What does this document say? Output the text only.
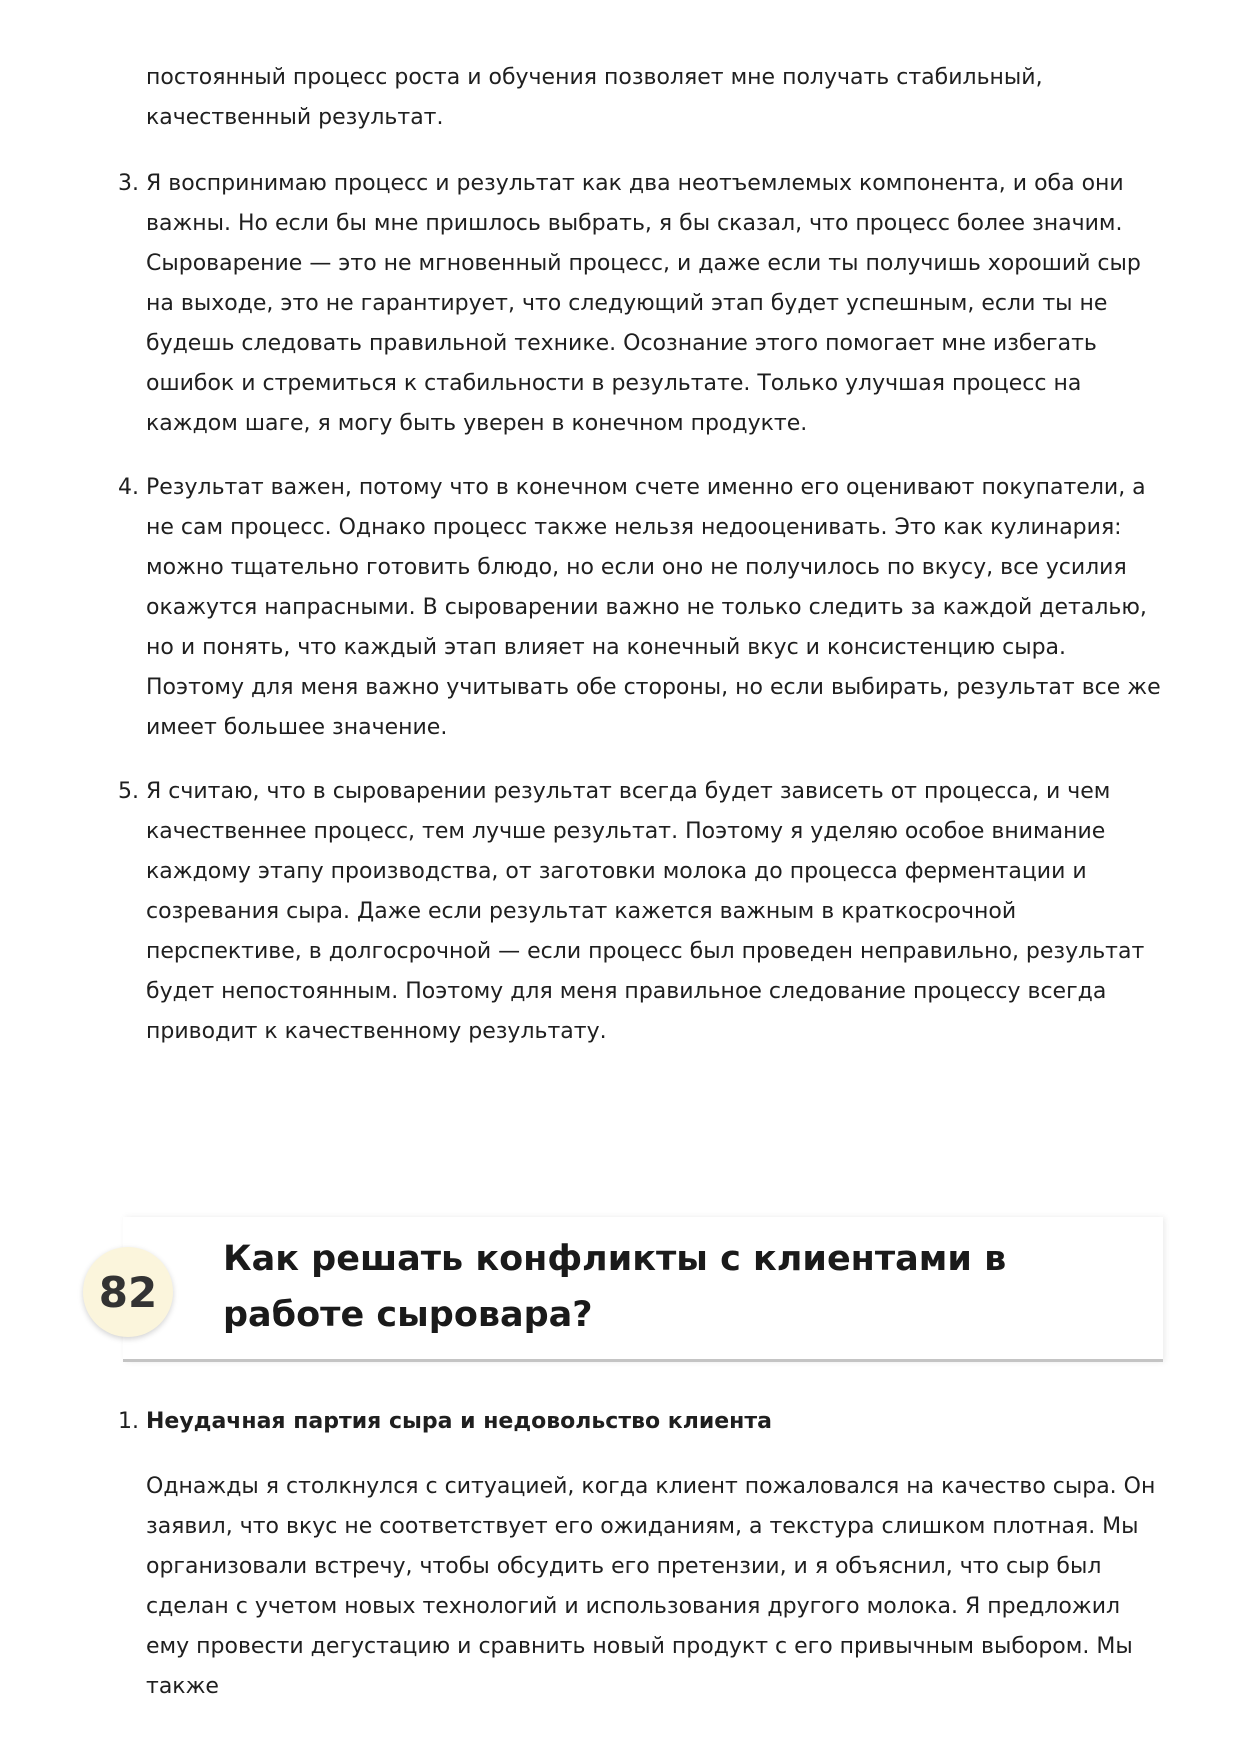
постоянный процесс роста и обучения позволяет мне получать стабильный, качественный результат.

3. Я воспринимаю процесс и результат как два неотъемлемых компонента, и оба они важны. Но если бы мне пришлось выбрать, я бы сказал, что процесс более значим. Сыроварение — это не мгновенный процесс, и даже если ты получишь хороший сыр на выходе, это не гарантирует, что следующий этап будет успешным, если ты не будешь следовать правильной технике. Осознание этого помогает мне избегать ошибок и стремиться к стабильности в результате. Только улучшая процесс на каждом шаге, я могу быть уверен в конечном продукте.
4. Результат важен, потому что в конечном счете именно его оценивают покупатели, а не сам процесс. Однако процесс также нельзя недооценивать. Это как кулинария: можно тщательно готовить блюдо, но если оно не получилось по вкусу, все усилия окажутся напрасными. В сыроварении важно не только следить за каждой деталью, но и понять, что каждый этап влияет на конечный вкус и консистенцию сыра. Поэтому для меня важно учитывать обе стороны, но если выбирать, результат все же имеет большее значение.
5. Я считаю, что в сыроварении результат всегда будет зависеть от процесса, и чем качественнее процесс, тем лучше результат. Поэтому я уделяю особое внимание каждому этапу производства, от заготовки молока до процесса ферментации и созревания сыра. Даже если результат кажется важным в краткосрочной перспективе, в долгосрочной — если процесс был проведен неправильно, результат будет непостоянным. Поэтому для меня правильное следование процессу всегда приводит к качественному результату.
82
Как решать конфликты с клиентами в работе сыровара?

1. Неудачная партия сыра и недовольство клиента

Однажды я столкнулся с ситуацией, когда клиент пожаловался на качество сыра. Он заявил, что вкус не соответствует его ожиданиям, а текстура слишком плотная. Мы организовали встречу, чтобы обсудить его претензии, и я объяснил, что сыр был сделан с учетом новых технологий и использования другого молока. Я предложил ему провести дегустацию и сравнить новый продукт с его привычным выбором. Мы также
